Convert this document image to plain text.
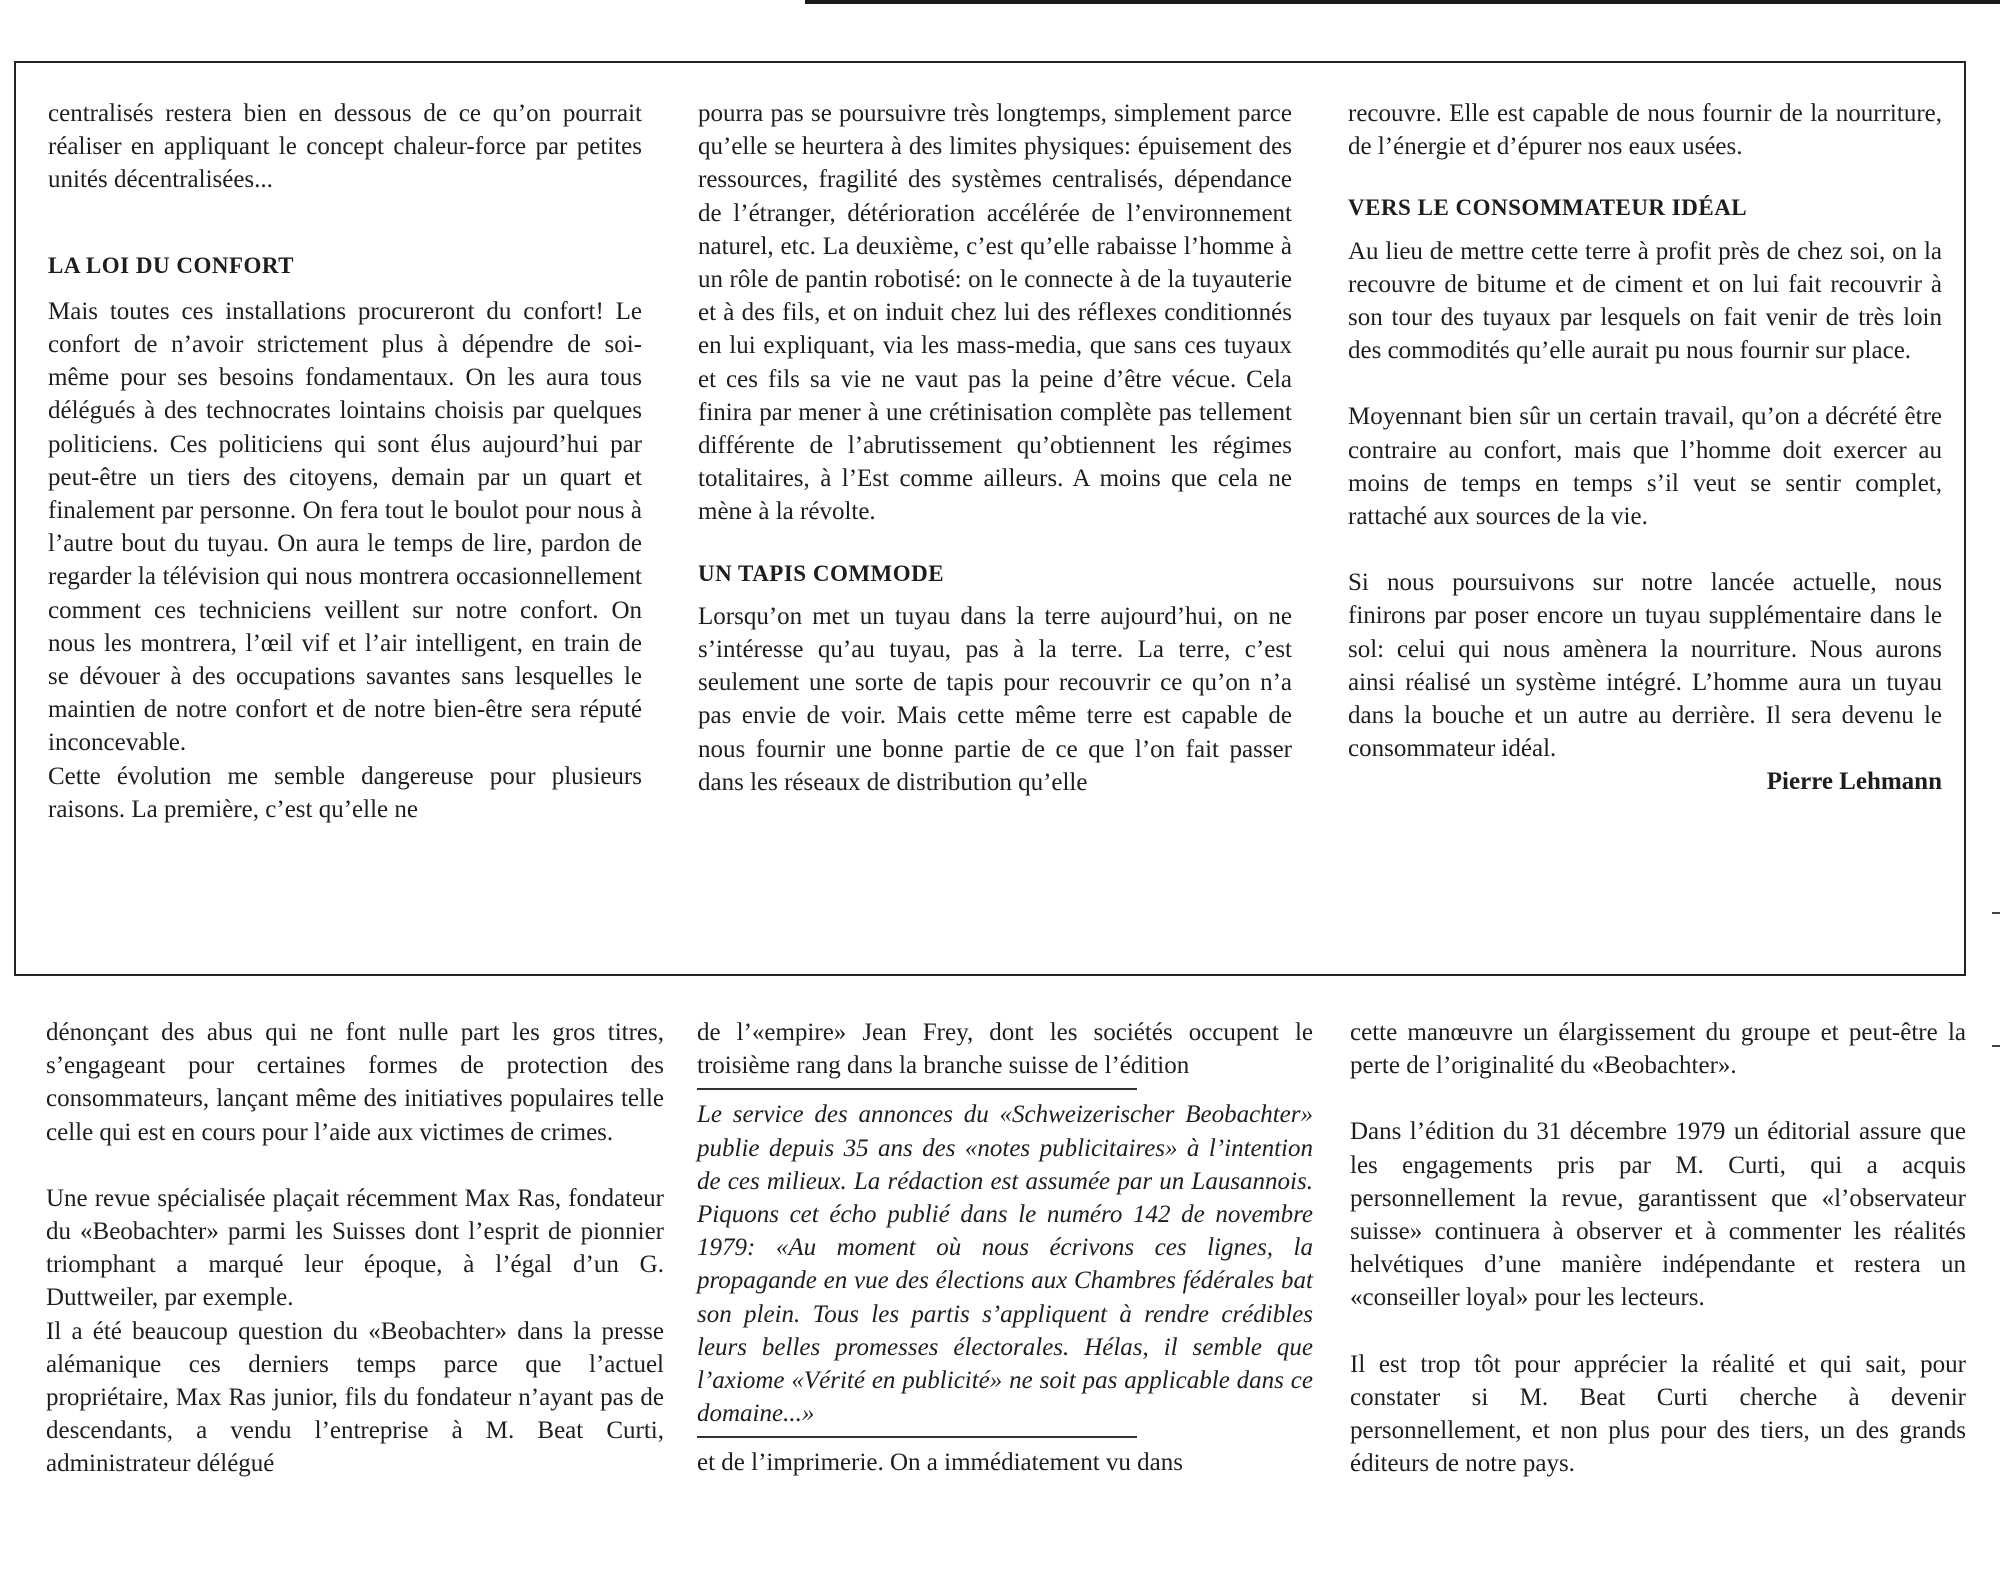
centralisés restera bien en dessous de ce qu’on pourrait réaliser en appliquant le concept chaleur-force par petites unités décentralisées...

LA LOI DU CONFORT

Mais toutes ces installations procureront du confort! Le confort de n’avoir strictement plus à dépendre de soi-même pour ses besoins fondamentaux. On les aura tous délégués à des technocrates lointains choisis par quelques politiciens. Ces politiciens qui sont élus aujourd’hui par peut-être un tiers des citoyens, demain par un quart et finalement par personne. On fera tout le boulot pour nous à l’autre bout du tuyau. On aura le temps de lire, pardon de regarder la télévision qui nous montrera occasionnellement comment ces techniciens veillent sur notre confort. On nous les montrera, l’œil vif et l’air intelligent, en train de se dévouer à des occupations savantes sans lesquelles le maintien de notre confort et de notre bien-être sera réputé inconcevable.

Cette évolution me semble dangereuse pour plusieurs raisons. La première, c’est qu’elle ne

pourra pas se poursuivre très longtemps, simplement parce qu’elle se heurtera à des limites physiques: épuisement des ressources, fragilité des systèmes centralisés, dépendance de l’étranger, détérioration accélérée de l’environnement naturel, etc. La deuxième, c’est qu’elle rabaisse l’homme à un rôle de pantin robotisé: on le connecte à de la tuyauterie et à des fils, et on induit chez lui des réflexes conditionnés en lui expliquant, via les mass-media, que sans ces tuyaux et ces fils sa vie ne vaut pas la peine d’être vécue. Cela finira par mener à une crétinisation complète pas tellement différente de l’abrutissement qu’obtiennent les régimes totalitaires, à l’Est comme ailleurs. A moins que cela ne mène à la révolte.

UN TAPIS COMMODE

Lorsqu’on met un tuyau dans la terre aujourd’hui, on ne s’intéresse qu’au tuyau, pas à la terre. La terre, c’est seulement une sorte de tapis pour recouvrir ce qu’on n’a pas envie de voir. Mais cette même terre est capable de nous fournir une bonne partie de ce que l’on fait passer dans les réseaux de distribution qu’elle

recouvre. Elle est capable de nous fournir de la nourriture, de l’énergie et d’épurer nos eaux usées.

VERS LE CONSOMMATEUR IDÉAL

Au lieu de mettre cette terre à profit près de chez soi, on la recouvre de bitume et de ciment et on lui fait recouvrir à son tour des tuyaux par lesquels on fait venir de très loin des commodités qu’elle aurait pu nous fournir sur place.

Moyennant bien sûr un certain travail, qu’on a décrété être contraire au confort, mais que l’homme doit exercer au moins de temps en temps s’il veut se sentir complet, rattaché aux sources de la vie.

Si nous poursuivons sur notre lancée actuelle, nous finirons par poser encore un tuyau supplémentaire dans le sol: celui qui nous amènera la nourriture. Nous aurons ainsi réalisé un système intégré. L’homme aura un tuyau dans la bouche et un autre au derrière. Il sera devenu le consommateur idéal.

Pierre Lehmann

dénonçant des abus qui ne font nulle part les gros titres, s’engageant pour certaines formes de protection des consommateurs, lançant même des initiatives populaires telle celle qui est en cours pour l’aide aux victimes de crimes.

Une revue spécialisée plaçait récemment Max Ras, fondateur du «Beobachter» parmi les Suisses dont l’esprit de pionnier triomphant a marqué leur époque, à l’égal d’un G. Duttweiler, par exemple.

Il a été beaucoup question du «Beobachter» dans la presse alémanique ces derniers temps parce que l’actuel propriétaire, Max Ras junior, fils du fondateur n’ayant pas de descendants, a vendu l’entreprise à M. Beat Curti, administrateur délégué

de l’«empire» Jean Frey, dont les sociétés occupent le troisième rang dans la branche suisse de l’édition

Le service des annonces du «Schweizerischer Beobachter» publie depuis 35 ans des «notes publicitaires» à l’intention de ces milieux. La rédaction est assumée par un Lausannois. Piquons cet écho publié dans le numéro 142 de novembre 1979: «Au moment où nous écrivons ces lignes, la propagande en vue des élections aux Chambres fédérales bat son plein. Tous les partis s’appliquent à rendre crédibles leurs belles promesses électorales. Hélas, il semble que l’axiome «Vérité en publicité» ne soit pas applicable dans ce domaine...»

et de l’imprimerie. On a immédiatement vu dans

cette manœuvre un élargissement du groupe et peut-être la perte de l’originalité du «Beobachter».

Dans l’édition du 31 décembre 1979 un éditorial assure que les engagements pris par M. Curti, qui a acquis personnellement la revue, garantissent que «l’observateur suisse» continuera à observer et à commenter les réalités helvétiques d’une manière indépendante et restera un «conseiller loyal» pour les lecteurs.

Il est trop tôt pour apprécier la réalité et qui sait, pour constater si M. Beat Curti cherche à devenir personnellement, et non plus pour des tiers, un des grands éditeurs de notre pays.
